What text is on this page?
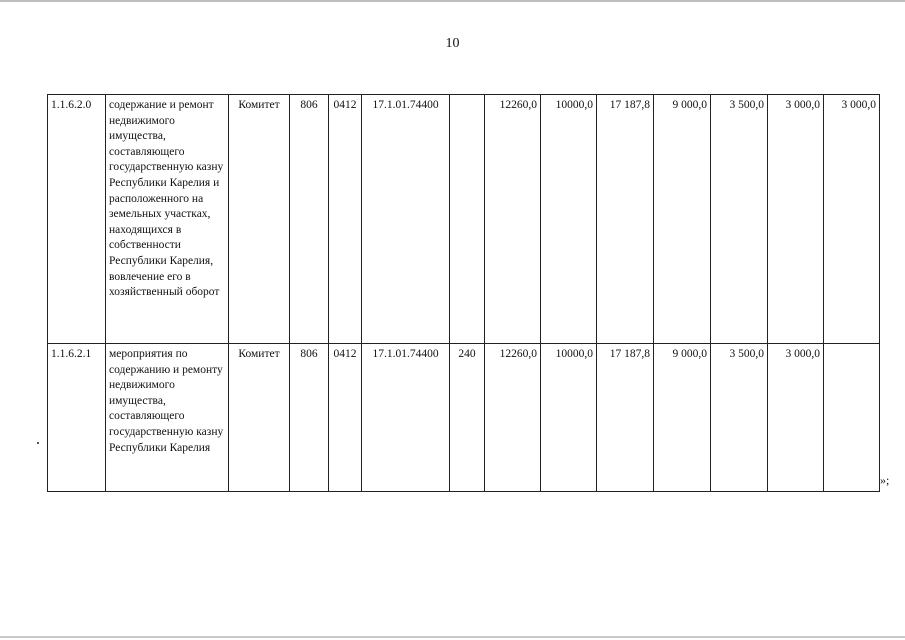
10
1.1.6.2.0	содержание и ремонт недвижимого имущества, составляющего государственную казну Республики Карелия и расположенного на земельных участках, находящихся в собственности Республики Карелия, вовлечение его в хозяйственный оборот	Комитет	806	0412	17.1.01.74400		12260,0	10000,0	17 187,8	9 000,0	3 500,0	3 000,0	3 000,0
1.1.6.2.1	мероприятия по содержанию и ремонту недвижимого имущества, составляющего государственную казну Республики Карелия	Комитет	806	0412	17.1.01.74400	240	12260,0	10000,0	17 187,8	9 000,0	3 500,0	3 000,0	
»;
